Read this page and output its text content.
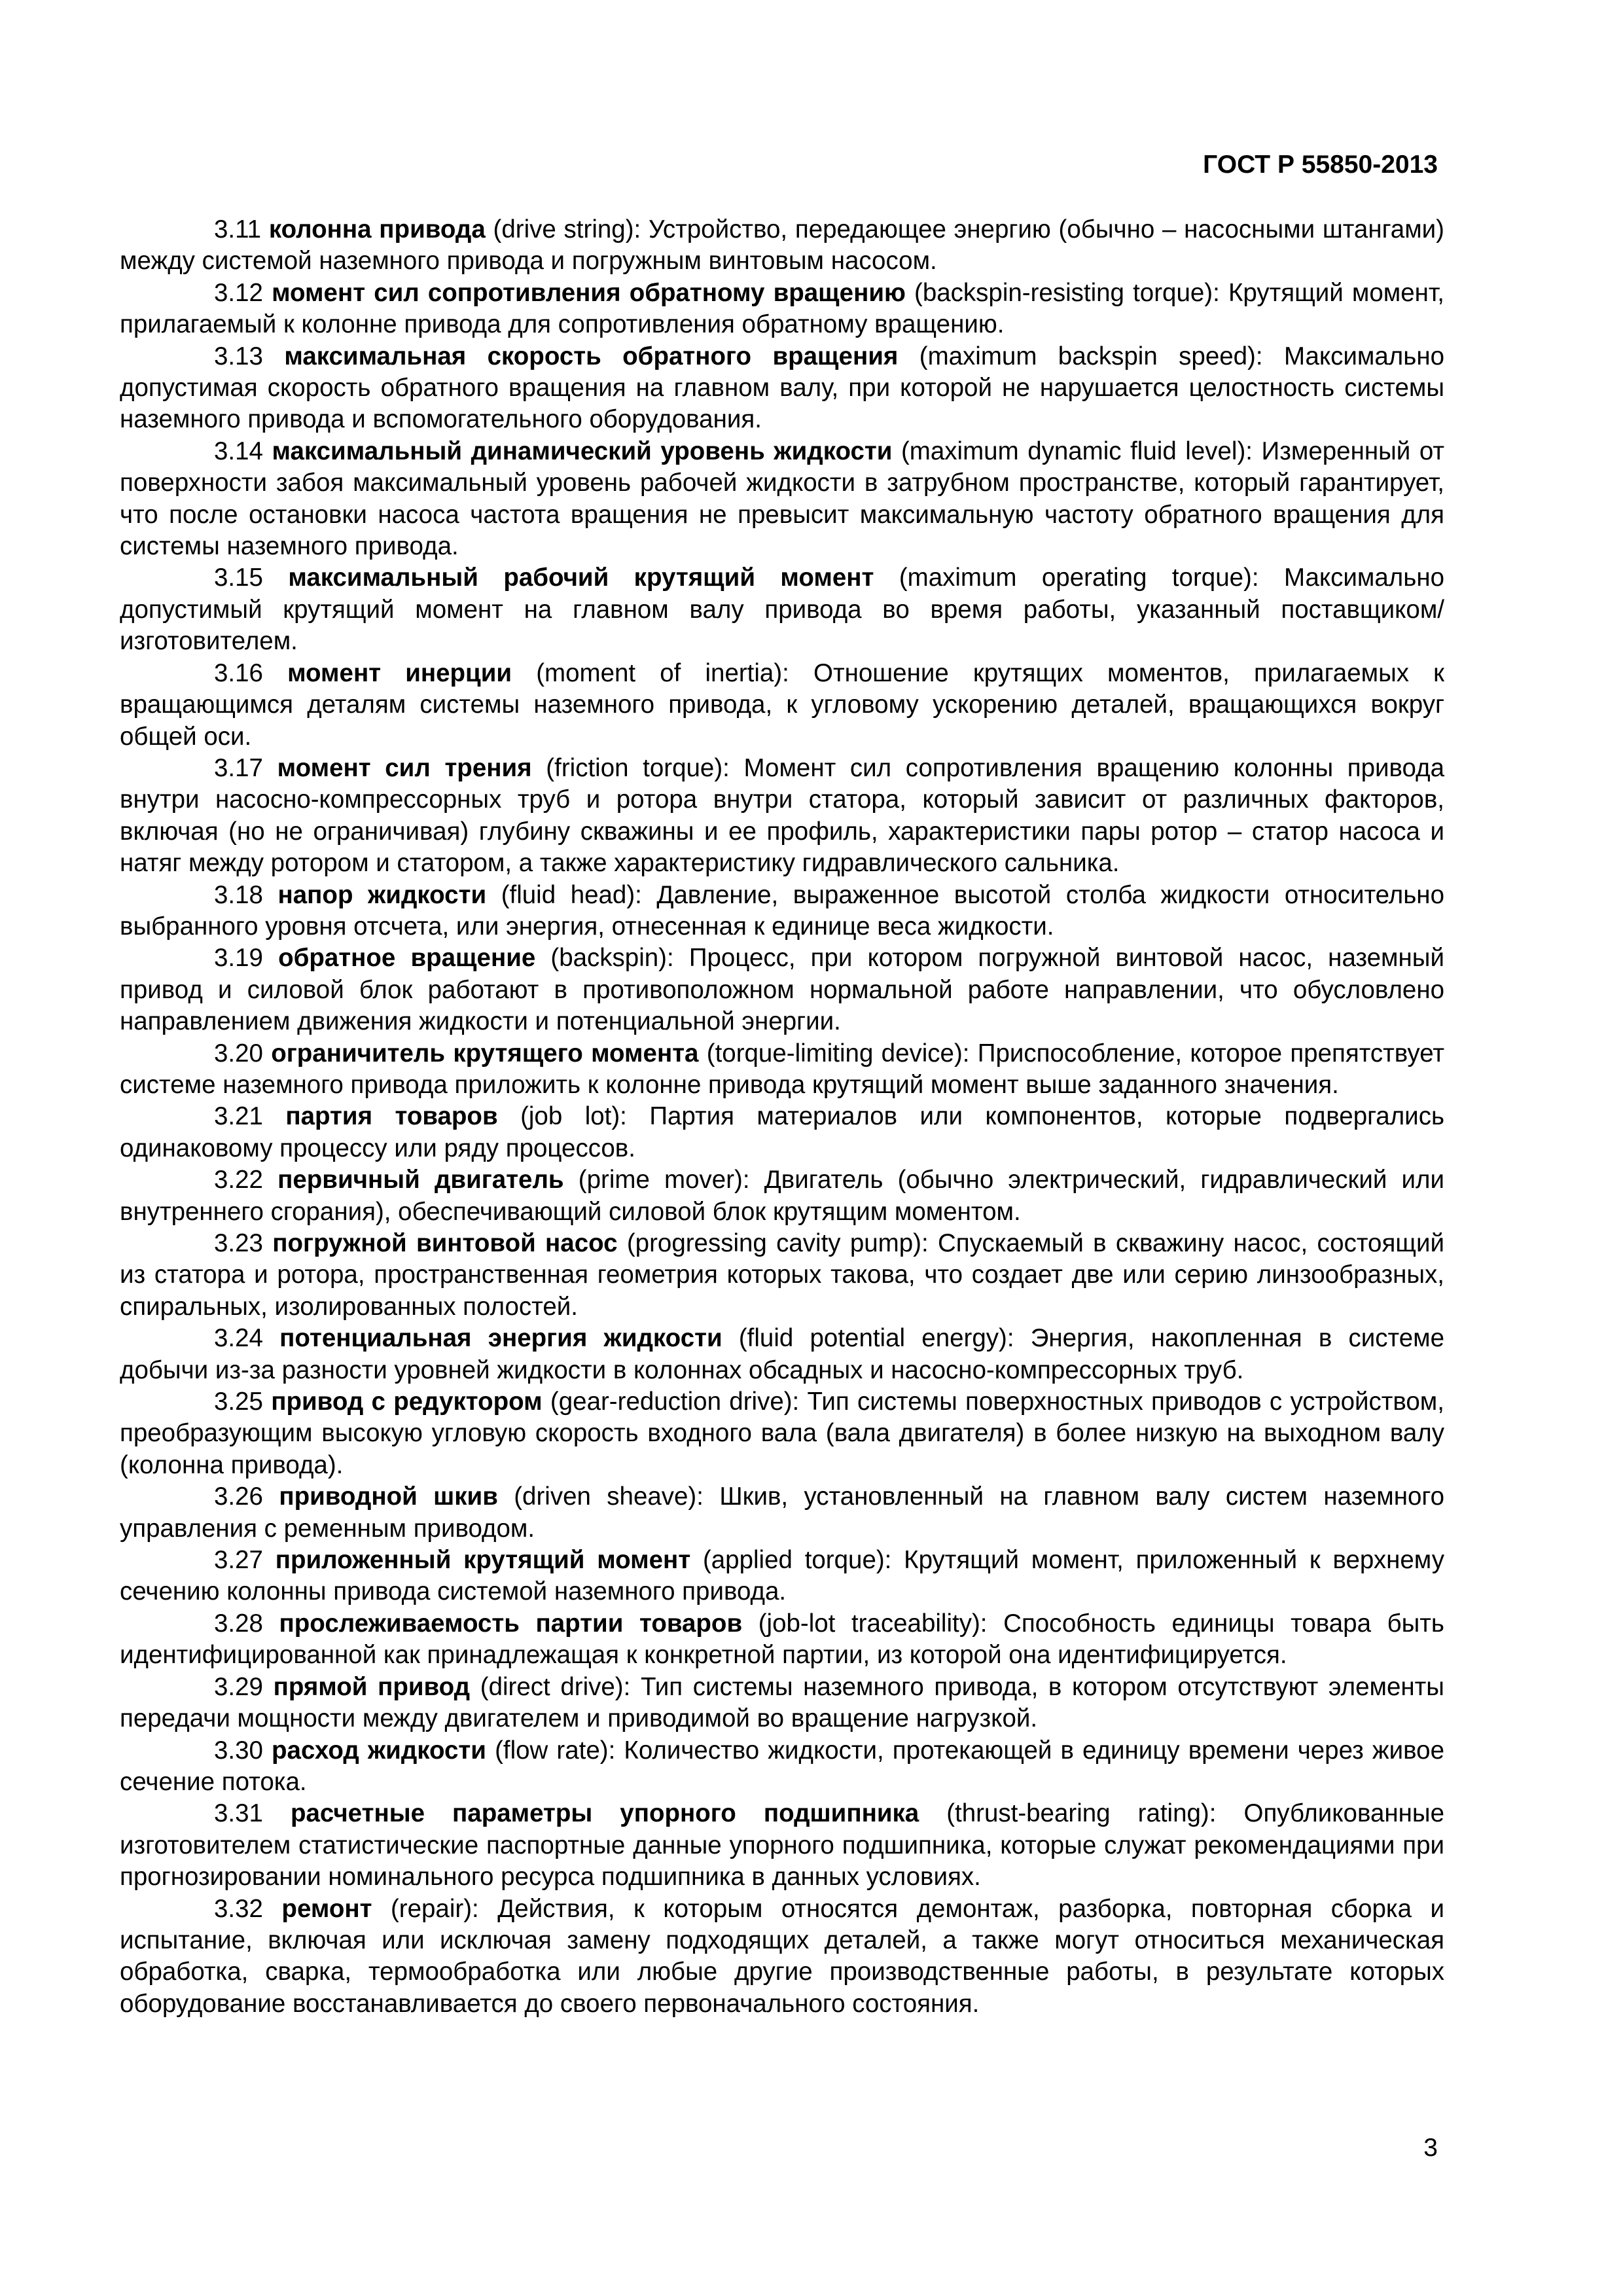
ГОСТ Р 55850-2013

3.11 колонна привода (drive string): Устройство, передающее энергию (обычно – насосными штангами) между системой наземного привода и погружным винтовым насосом.

3.12 момент сил сопротивления обратному вращению (backspin-resisting torque): Крутящий момент, прилагаемый к колонне привода для сопротивления обратному вращению.

3.13 максимальная скорость обратного вращения (maximum backspin speed): Максимально допустимая скорость обратного вращения на главном валу, при которой не нарушается целостность системы наземного привода и вспомогательного оборудования.

3.14 максимальный динамический уровень жидкости (maximum dynamic fluid level): Измеренный от поверхности забоя максимальный уровень рабочей жидкости в затрубном пространстве, который гарантирует, что после остановки насоса частота вращения не превысит максимальную частоту обратного вращения для системы наземного привода.

3.15 максимальный рабочий крутящий момент (maximum operating torque): Максимально допустимый крутящий момент на главном валу привода во время работы, указанный поставщиком/изготовителем.

3.16 момент инерции (moment of inertia): Отношение крутящих моментов, прилагаемых к вращающимся деталям системы наземного привода, к угловому ускорению деталей, вращающихся вокруг общей оси.

3.17 момент сил трения (friction torque): Момент сил сопротивления вращению колонны привода внутри насосно-компрессорных труб и ротора внутри статора, который зависит от различных факторов, включая (но не ограничивая) глубину скважины и ее профиль, характеристики пары ротор – статор насоса и натяг между ротором и статором, а также характеристику гидравлического сальника.

3.18 напор жидкости (fluid head): Давление, выраженное высотой столба жидкости относительно выбранного уровня отсчета, или энергия, отнесенная к единице веса жидкости.

3.19 обратное вращение (backspin): Процесс, при котором погружной винтовой насос, наземный привод и силовой блок работают в противоположном нормальной работе направлении, что обусловлено направлением движения жидкости и потенциальной энергии.

3.20 ограничитель крутящего момента (torque-limiting device): Приспособление, которое препятствует системе наземного привода приложить к колонне привода крутящий момент выше заданного значения.

3.21 партия товаров (job lot): Партия материалов или компонентов, которые подвергались одинаковому процессу или ряду процессов.

3.22 первичный двигатель (prime mover): Двигатель (обычно электрический, гидравлический или внутреннего сгорания), обеспечивающий силовой блок крутящим моментом.

3.23 погружной винтовой насос (progressing cavity pump): Спускаемый в скважину насос, состоящий из статора и ротора, пространственная геометрия которых такова, что создает две или серию линзообразных, спиральных, изолированных полостей.

3.24 потенциальная энергия жидкости (fluid potential energy): Энергия, накопленная в системе добычи из-за разности уровней жидкости в колоннах обсадных и насосно-компрессорных труб.

3.25 привод с редуктором (gear-reduction drive): Тип системы поверхностных приводов с устройством, преобразующим высокую угловую скорость входного вала (вала двигателя) в более низкую на выходном валу (колонна привода).

3.26 приводной шкив (driven sheave): Шкив, установленный на главном валу систем наземного управления с ременным приводом.

3.27 приложенный крутящий момент (applied torque): Крутящий момент, приложенный к верхнему сечению колонны привода системой наземного привода.

3.28 прослеживаемость партии товаров (job-lot traceability): Способность единицы товара быть идентифицированной как принадлежащая к конкретной партии, из которой она идентифицируется.

3.29 прямой привод (direct drive): Тип системы наземного привода, в котором отсутствуют элементы передачи мощности между двигателем и приводимой во вращение нагрузкой.

3.30 расход жидкости (flow rate): Количество жидкости, протекающей в единицу времени через живое сечение потока.

3.31 расчетные параметры упорного подшипника (thrust-bearing rating): Опубликованные изготовителем статистические паспортные данные упорного подшипника, которые служат рекомендациями при прогнозировании номинального ресурса подшипника в данных условиях.

3.32 ремонт (repair): Действия, к которым относятся демонтаж, разборка, повторная сборка и испытание, включая или исключая замену подходящих деталей, а также могут относиться механическая обработка, сварка, термообработка или любые другие производственные работы, в результате которых оборудование восстанавливается до своего первоначального состояния.

3
